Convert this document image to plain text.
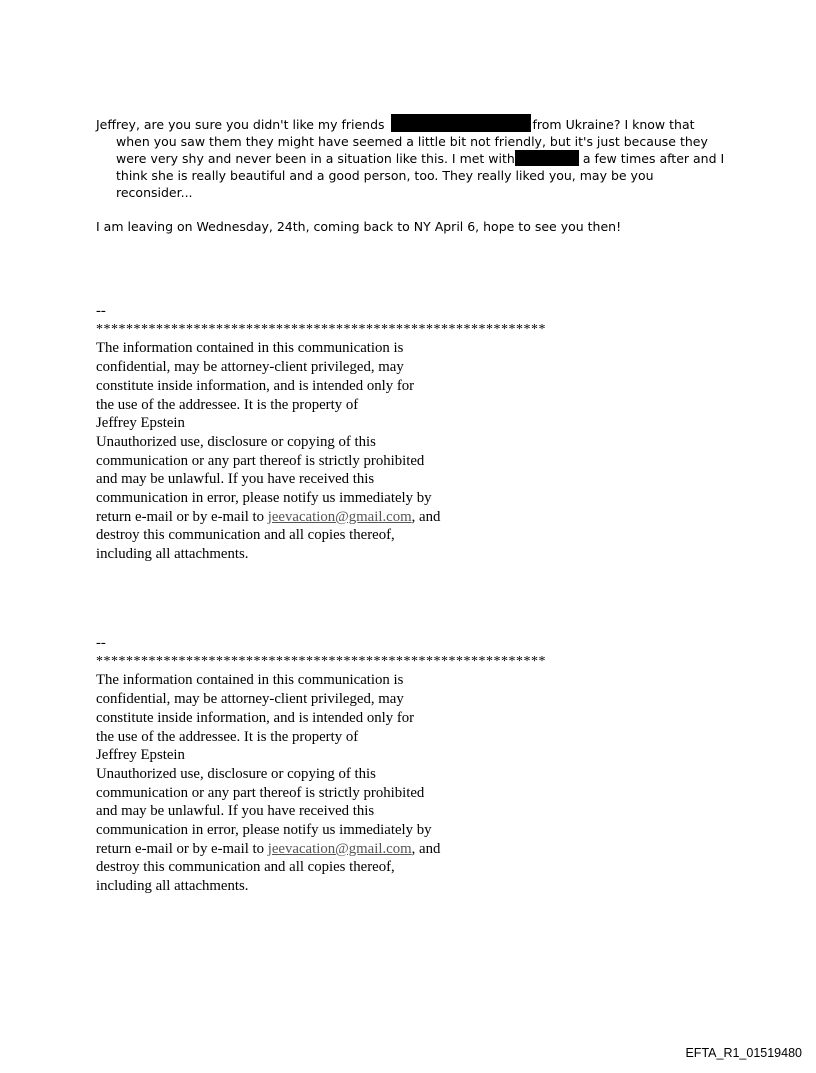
Jeffrey, are you sure you didn't like my friends	from Ukraine? I know that when you saw them they might have seemed a little bit not friendly, but it's just because they were very shy and never been in a situation like this. I met with	a few times after and I think she is really beautiful and a good person, too. They really liked you, may be you reconsider...

I am leaving on Wednesday, 24th, coming back to NY April 6, hope to see you then!

--
************************************************************
The information contained in this communication is
confidential, may be attorney-client privileged, may
constitute inside information, and is intended only for
the use of the addressee. It is the property of
Jeffrey Epstein
Unauthorized use, disclosure or copying of this
communication or any part thereof is strictly prohibited
and may be unlawful. If you have received this
communication in error, please notify us immediately by
return e-mail or by e-mail to jeevacation@gmail.com, and
destroy this communication and all copies thereof,
including all attachments.
--
************************************************************
The information contained in this communication is
confidential, may be attorney-client privileged, may
constitute inside information, and is intended only for
the use of the addressee. It is the property of
Jeffrey Epstein
Unauthorized use, disclosure or copying of this
communication or any part thereof is strictly prohibited
and may be unlawful. If you have received this
communication in error, please notify us immediately by
return e-mail or by e-mail to jeevacation@gmail.com, and
destroy this communication and all copies thereof,
including all attachments.
EFTA_R1_01519480
